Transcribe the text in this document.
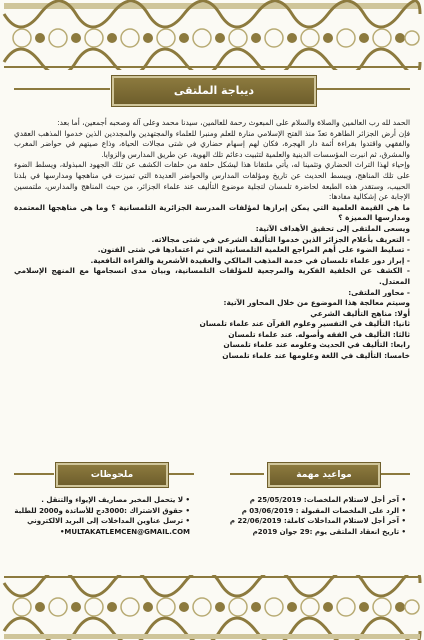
ديباجة الملتقى

الحمد لله رب العالمين والصلاة والسلام على المبعوث رحمة للعالمين، سيدنا محمد وعلى آله وصحبه أجمعين، أما بعد:

فإن أرض الجزائر الطاهرة تعدّ منذ الفتح الإسلامي منارة للعلم ومنبرا للعلماء والمجتهدين والمجددين الذين خدموا المذهب العقدي والفقهي واقتدوا بقراءة أئمة دار الهجرة، فكان لهم إسهام حضاري في شتى مجالات الحياة، وذاع صيتهم في حواضر المغرب والمشرق، ثم انبرت المؤسسات الدينية والعلمية لتثبيت دعائم تلك الهوية، عن طريق المدارس والزوايا.

وإحياء لهذا التراث الحضاري وتثمينا له، يأتي ملتقانا هذا ليشكل حلقة من حلقات الكشف عن تلك الجهود المبذولة، ويسلط الضوء على تلك المناهج، ويبسط الحديث عن تاريخ ومؤلفات المدارس والحواضر العديدة التي تميزت في مناهجها ومدارسها في بلدنا الحبيب، وستقدر هذه الطبعة لحاضرة تلمسان لتجلية موضوع التأليف عند علماء الجزائر، من حيث المناهج والمدارس، ملتمسين الإجابة عن إشكالية مفادها:

ما هي القيمة العلمية التي يمكن إبرازها لمؤلفات المدرسة الجزائرية التلمسانية ؟ وما هي مناهجها المعتمدة ومدارسها المميزة ؟

ويسعى الملتقى إلى تحقيق الأهداف الآتية:

- التعريف بأعلام الجزائر الذين خدموا التأليف الشرعي في شتى مجالاته.

- تسليط الضوء على أهم المراجع العلمية التلمسانية التي تم اعتمادها في شتى الفنون.

- إبراز دور علماء تلمسان في خدمة المذهب المالكي والعقيدة الأشعرية والقراءة النافعية.

- الكشف عن الخلفية الفكرية والمرجعية للمؤلفات التلمسانية، وبيان مدى انسجامها مع المنهج الإسلامي المعتدل.

- محاور الملتقى:

وسيتم معالجة هذا الموضوع من خلال المحاور الآتية:

أولا: مناهج التأليف الشرعي

ثانيا: التأليف في التفسير وعلوم القرآن عند علماء تلمسان

ثالثا: التأليف في الفقه وأصوله. عند علماء تلمسان

رابعا: التأليف في الحديث وعلومه عند علماء تلمسان

خامسا: التأليف في اللغة وعلومها عند علماء تلمسان

ملحوظات
• لا يتحمل المخبر مصاريف الإيواء والتنقل .
• حقوق الاشتراك :3000دج للأساتذة و2000 للطلبة
• ترسل عناوين المداخلات إلى البريد الالكتروني
MULTAKATLEMCEN@GMAIL.COM•
مواعيد مهمة
• آخر أجل لاستلام الملخصات: 25/05/2019 م
• الرد على الملخصات المقبولة : 03/06/2019 م
• آخر أجل لاستلام المداخلات كاملة: 22/06/2019 م
• تاريخ انعقاد الملتقى يوم :29 جوان 2019م
